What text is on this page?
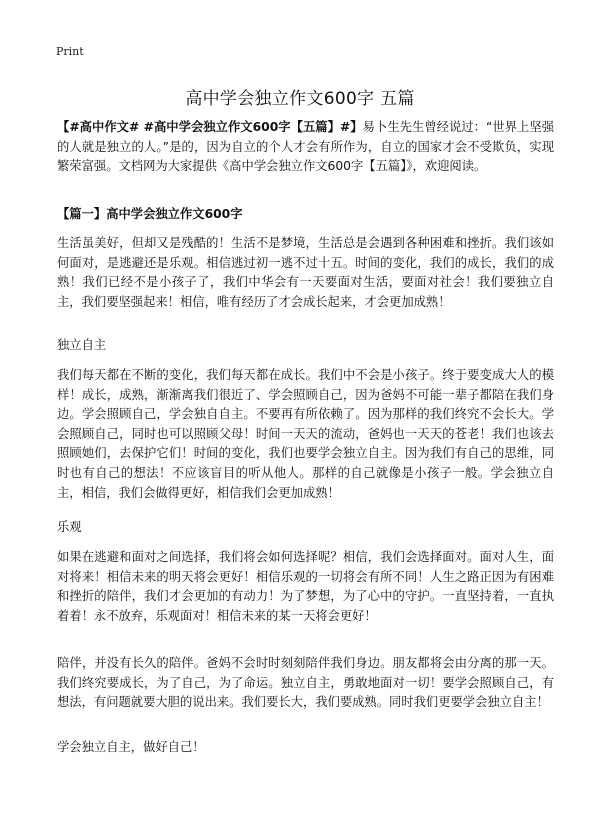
Print
高中学会独立作文600字 五篇
【#高中作文# #高中学会独立作文600字【五篇】#】易卜生先生曾经说过：“世界上坚强的人就是独立的人。”是的，因为自立的个人才会有所作为，自立的国家才会不受欺负，实现繁荣富强。文档网为大家提供《高中学会独立作文600字【五篇】》，欢迎阅读。
【篇一】高中学会独立作文600字
生活虽美好，但却又是残酷的！生活不是梦境，生活总是会遇到各种困难和挫折。我们该如何面对，是逃避还是乐观。相信逃过初一逃不过十五。时间的变化，我们的成长，我们的成熟！我们已经不是小孩子了，我们中华会有一天要面对生活，要面对社会！我们要独立自主，我们要坚强起来！相信，唯有经历了才会成长起来，才会更加成熟！
独立自主
我们每天都在不断的变化，我们每天都在成长。我们中不会是小孩子。终于要变成大人的模样！成长，成熟，渐渐离我们很近了、学会照顾自己，因为爸妈不可能一辈子都陪在我们身边。学会照顾自己，学会独自自主。不要再有所依赖了。因为那样的我们终究不会长大。学会照顾自己，同时也可以照顾父母！时间一天天的流动，爸妈也一天天的苍老！我们也该去照顾她们，去保护它们！时间的变化，我们也要学会独立自主。因为我们有自己的思维，同时也有自己的想法！不应该盲目的听从他人。那样的自己就像是小孩子一般。学会独立自主，相信，我们会做得更好，相信我们会更加成熟！
乐观
如果在逃避和面对之间选择，我们将会如何选择呢？相信，我们会选择面对。面对人生，面对将来！相信未来的明天将会更好！相信乐观的一切将会有所不同！人生之路正因为有困难和挫折的陪伴，我们才会更加的有动力！为了梦想，为了心中的守护。一直坚持着，一直执着着！永不放弃，乐观面对！相信未来的某一天将会更好！
陪伴，并没有长久的陪伴。爸妈不会时时刻刻陪伴我们身边。朋友都将会由分离的那一天。我们终究要成长，为了自己，为了命运。独立自主，勇敢地面对一切！要学会照顾自己，有想法，有问题就要大胆的说出来。我们要长大，我们要成熟。同时我们更要学会独立自主！
学会独立自主，做好自己！
